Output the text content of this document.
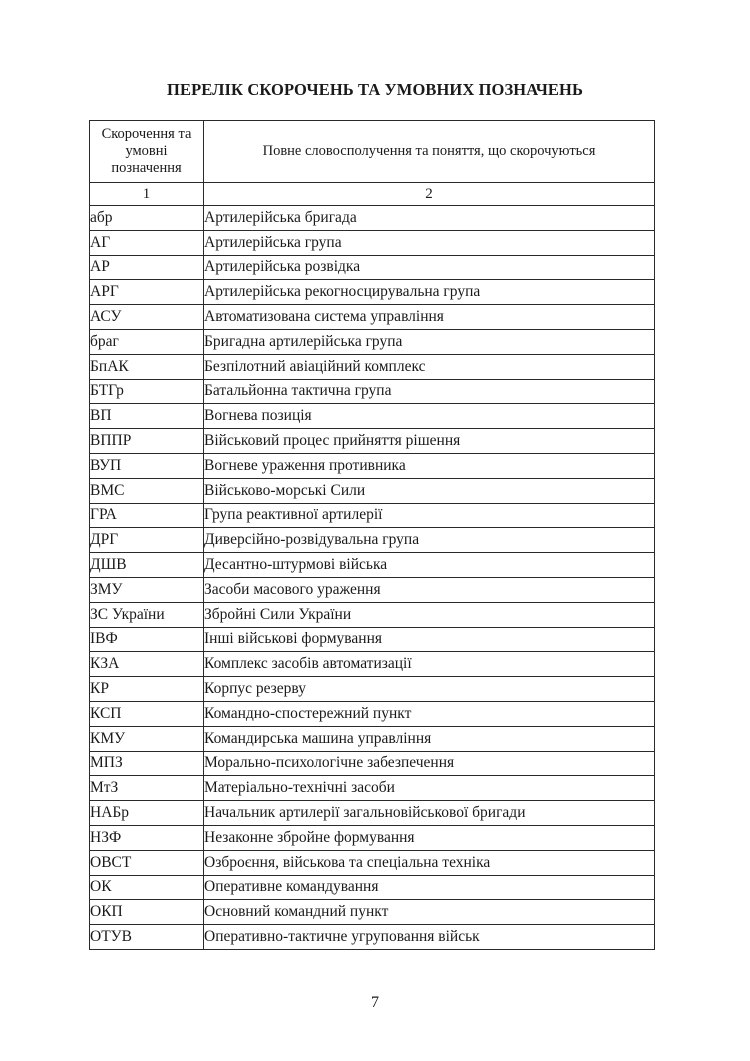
ПЕРЕЛІК СКОРОЧЕНЬ ТА УМОВНИХ ПОЗНАЧЕНЬ
Скорочення та умовні позначення	Повне словосполучення та поняття, що скорочуються
1	2
абр	Артилерійська бригада
АГ	Артилерійська група
АР	Артилерійська розвідка
АРГ	Артилерійська рекогносцирувальна група
АСУ	Автоматизована система управління
браг	Бригадна артилерійська група
БпАК	Безпілотний авіаційний комплекс
БТГр	Батальйонна тактична група
ВП	Вогнева позиція
ВППР	Військовий процес прийняття рішення
ВУП	Вогневе ураження противника
ВМС	Військово-морські Сили
ГРА	Група реактивної артилерії
ДРГ	Диверсійно-розвідувальна група
ДШВ	Десантно-штурмові війська
ЗМУ	Засоби масового ураження
ЗС України	Збройні Сили України
ІВФ	Інші військові формування
КЗА	Комплекс засобів автоматизації
КР	Корпус резерву
КСП	Командно-спостережний пункт
КМУ	Командирська машина управління
МПЗ	Морально-психологічне забезпечення
МтЗ	Матеріально-технічні засоби
НАБр	Начальник артилерії загальновійськової бригади
НЗФ	Незаконне збройне формування
ОВСТ	Озброєння, військова та спеціальна техніка
ОК	Оперативне командування
ОКП	Основний командний пункт
ОТУВ	Оперативно-тактичне угруповання військ
7
